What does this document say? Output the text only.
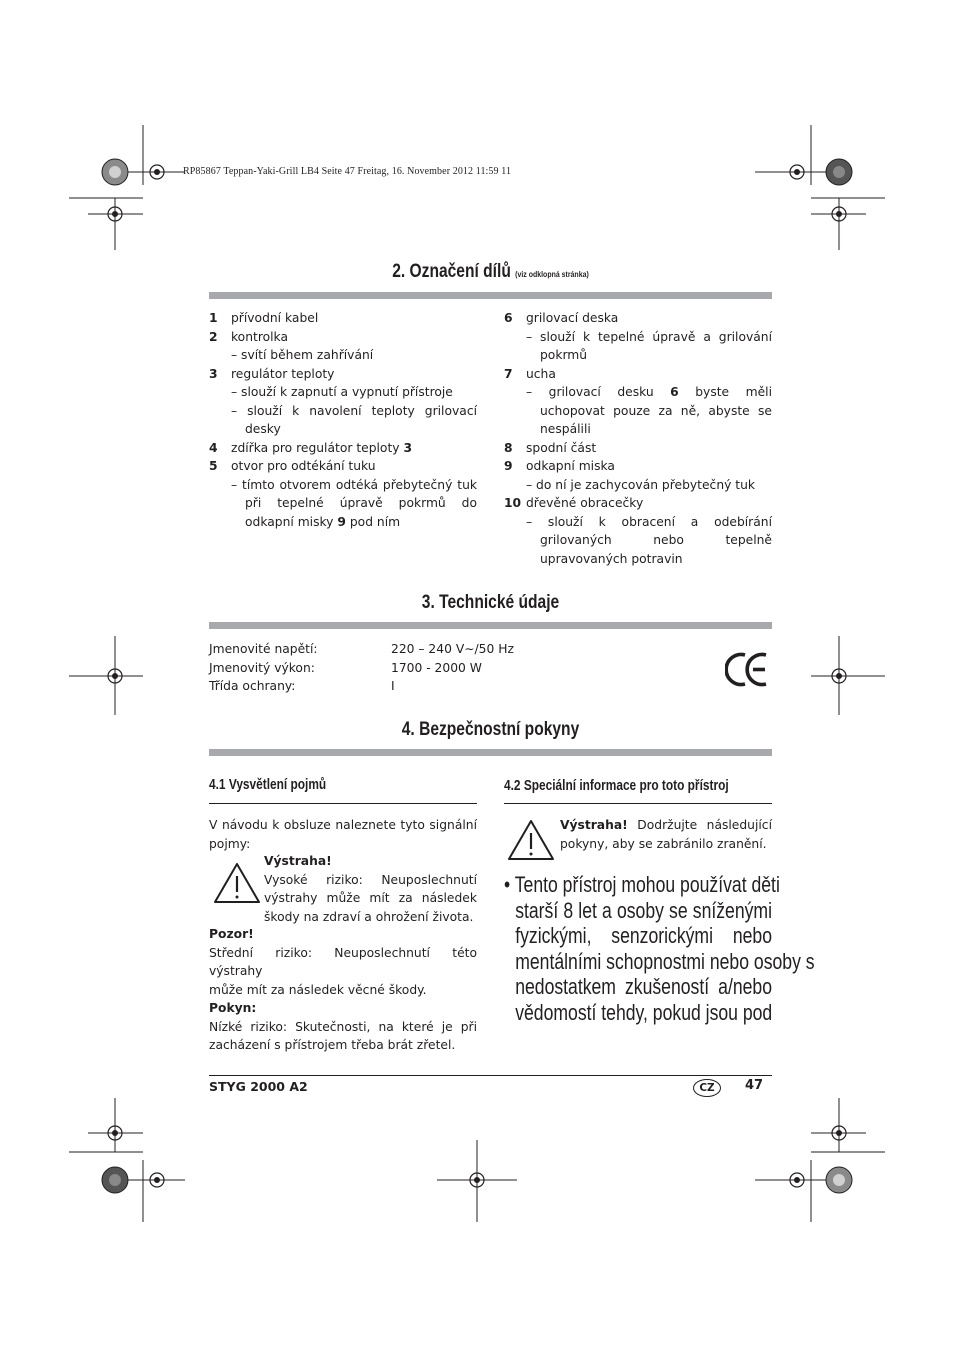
RP85867 Teppan-Yaki-Grill LB4 Seite 47 Freitag, 16. November 2012 11:59 11
2. Označení dílů (viz odklopná stránka)
1	přívodní kabel
2	kontrolka
– svítí během zahřívání
3	regulátor teploty
– slouží k zapnutí a vypnutí přístroje
– slouží k navolení teploty grilovací
desky
4	zdířka pro regulátor teploty 3
5	otvor pro odtékání tuku
– tímto otvorem odtéká přebytečný tuk
při tepelné úpravě pokrmů do
odkapní misky 9 pod ním
6	grilovací deska
– slouží k tepelné úpravě a grilování
pokrmů
7	ucha
– grilovací desku 6 byste měli
uchopovat pouze za ně, abyste se
nespálili
8	spodní část
9	odkapní miska
– do ní je zachycován přebytečný tuk
10 dřevěné obracečky
– slouží k obracení a odebírání
grilovaných nebo tepelně
upravovaných potravin
3. Technické údaje
Jmenovité napětí:	220 – 240 V∼/50 Hz
Jmenovitý výkon:	1700 - 2000 W
Třída ochrany:	I
4. Bezpečnostní pokyny
4.1 Vysvětlení pojmů
V návodu k obsluze naleznete tyto signální
pojmy:
Výstraha!
Vysoké riziko: Neuposlechnutí
výstrahy může mít za následek
škody na zdraví a ohrožení života.
Pozor!
Střední riziko: Neuposlechnutí této výstrahy
může mít za následek věcné škody.
Pokyn:
Nízké riziko: Skutečnosti, na které je při
zacházení s přístrojem třeba brát zřetel.
4.2 Speciální informace pro toto přístroj
Výstraha! Dodržujte následující
pokyny, aby se zabránilo zranění.
• Tento přístroj mohou používat děti
starší 8 let a osoby se sníženými
fyzickými, senzorickými nebo
mentálními schopnostmi nebo osoby s
nedostatkem zkušeností a/nebo
vědomostí tehdy, pokud jsou pod
STYG 2000 A2	CZ	47
